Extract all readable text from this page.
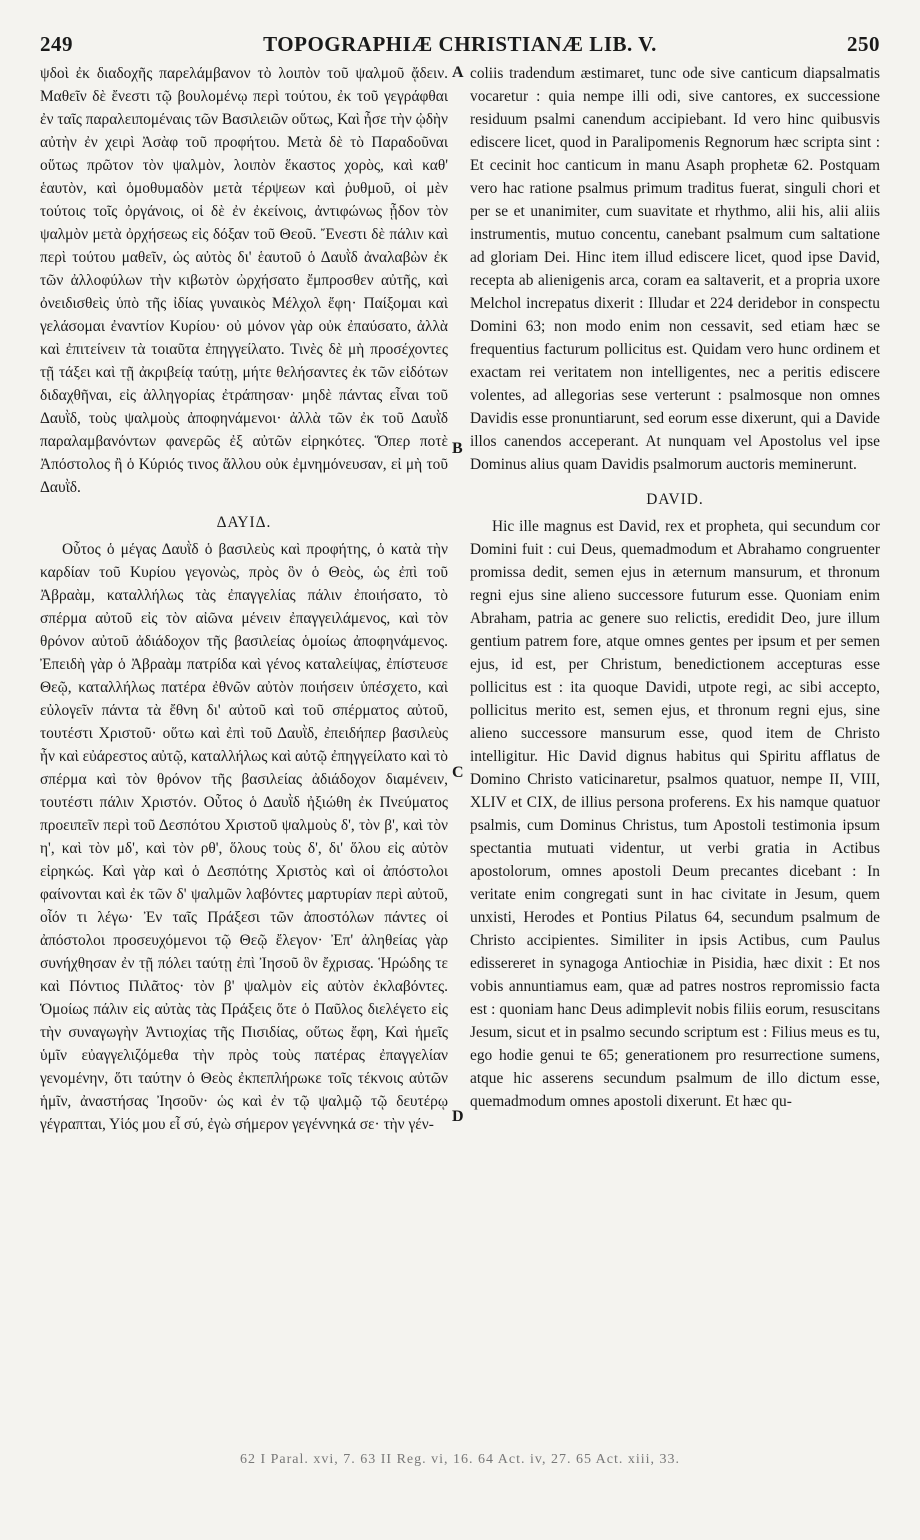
249	TOPOGRAPHIÆ CHRISTIANÆ LIB. V.	250

ψδοὶ ἐκ διαδοχῆς παρελάμβανον τὸ λοιπὸν τοῦ ψαλμοῦ ᾄδειν. Μαθεῖν δὲ ἔνεστι τῷ βουλομένῳ περὶ τούτου, ἐκ τοῦ γεγράφθαι ἐν ταῖς παραλειπομέναις τῶν Βασιλειῶν οὕτως, Καὶ ἦσε τὴν ᾠδὴν αὐτὴν ἐν χειρὶ Ἀσὰφ τοῦ προφήτου. Μετὰ δὲ τὸ Παραδοῦναι οὕτως πρῶτον τὸν ψαλμὸν, λοιπὸν ἕκαστος χορὸς, καὶ καθ' ἑαυτὸν, καὶ ὁμοθυμαδὸν μετὰ τέρψεων καὶ ῥυθμοῦ, οἱ μὲν τούτοις τοῖς ὀργάνοις, οἱ δὲ ἐν ἐκείνοις, ἀντιφώνως ᾖδον τὸν ψαλμὸν μετὰ ὀρχήσεως εἰς δόξαν τοῦ Θεοῦ. Ἔνεστι δὲ πάλιν καὶ περὶ τούτου μαθεῖν, ὡς αὐτὸς δι' ἑαυτοῦ ὁ Δαυῒδ ἀναλαβὼν ἐκ τῶν ἀλλοφύλων τὴν κιβωτὸν ὠρχήσατο ἔμπροσθεν αὐτῆς, καὶ ὀνειδισθεὶς ὑπὸ τῆς ἰδίας γυναικὸς Μέλχολ ἔφη· Παίξομαι καὶ γελάσομαι ἐναντίον Κυρίου· οὐ μόνον γὰρ οὐκ ἐπαύσατο, ἀλλὰ καὶ ἐπιτείνειν τὰ τοιαῦτα ἐπηγγείλατο. Τινὲς δὲ μὴ προσέχοντες τῇ τάξει καὶ τῇ ἀκριβείᾳ ταύτῃ, μήτε θελήσαντες ἐκ τῶν εἰδότων διδαχθῆναι, εἰς ἀλληγορίας ἐτράπησαν· μηδὲ πάντας εἶναι τοῦ Δαυῒδ, τοὺς ψαλμοὺς ἀποφηνάμενοι· ἀλλὰ τῶν ἐκ τοῦ Δαυῒδ παραλαμβανόντων φανερῶς ἐξ αὐτῶν εἰρηκότες. Ὅπερ ποτὲ Ἀπόστολος ἢ ὁ Κύριός τινος ἄλλου οὐκ ἐμνημόνευσαν, εἰ μὴ τοῦ Δαυῒδ.

ΔΑΥΙΔ.

Οὗτος ὁ μέγας Δαυῒδ ὁ βασιλεὺς καὶ προφήτης, ὁ κατὰ τὴν καρδίαν τοῦ Κυρίου γεγονὼς, πρὸς ὃν ὁ Θεὸς, ὡς ἐπὶ τοῦ Ἀβραὰμ, καταλλήλως τὰς ἐπαγγελίας πάλιν ἐποιήσατο, τὸ σπέρμα αὐτοῦ εἰς τὸν αἰῶνα μένειν ἐπαγγειλάμενος, καὶ τὸν θρόνον αὐτοῦ ἀδιάδοχον τῆς βασιλείας ὁμοίως ἀποφηνάμενος. Ἐπειδὴ γὰρ ὁ Ἀβραὰμ πατρίδα καὶ γένος καταλείψας, ἐπίστευσε Θεῷ, καταλλήλως πατέρα ἐθνῶν αὐτὸν ποιήσειν ὑπέσχετο, καὶ εὐλογεῖν πάντα τὰ ἔθνη δι' αὐτοῦ καὶ τοῦ σπέρματος αὐτοῦ, τουτέστι Χριστοῦ· οὕτω καὶ ἐπὶ τοῦ Δαυῒδ, ἐπειδήπερ βασιλεὺς ἦν καὶ εὐάρεστος αὐτῷ, καταλλήλως καὶ αὐτῷ ἐπηγγείλατο καὶ τὸ σπέρμα καὶ τὸν θρόνον τῆς βασιλείας ἀδιάδοχον διαμένειν, τουτέστι πάλιν Χριστόν. Οὗτος ὁ Δαυῒδ ἠξιώθη ἐκ Πνεύματος προειπεῖν περὶ τοῦ Δεσπότου Χριστοῦ ψαλμοὺς δ', τὸν β', καὶ τὸν η', καὶ τὸν μδ', καὶ τὸν ρθ', ὅλους τοὺς δ', δι' ὅλου εἰς αὐτὸν εἰρηκώς. Καὶ γὰρ καὶ ὁ Δεσπότης Χριστὸς καὶ οἱ ἀπόστολοι φαίνονται καὶ ἐκ τῶν δ' ψαλμῶν λαβόντες μαρτυρίαν περὶ αὐτοῦ, οἷόν τι λέγω· Ἐν ταῖς Πράξεσι τῶν ἀποστόλων πάντες οἱ ἀπόστολοι προσευχόμενοι τῷ Θεῷ ἔλεγον· Ἐπ' ἀληθείας γὰρ συνήχθησαν ἐν τῇ πόλει ταύτῃ ἐπὶ Ἰησοῦ ὃν ἔχρισας. Ἡρώδης τε καὶ Πόντιος Πιλᾶτος· τὸν β' ψαλμὸν εἰς αὐτὸν ἐκλαβόντες. Ὁμοίως πάλιν εἰς αὐτὰς τὰς Πράξεις ὅτε ὁ Παῦλος διελέγετο εἰς τὴν συναγωγὴν Ἀντιοχίας τῆς Πισιδίας, οὕτως ἔφη, Καὶ ἡμεῖς ὑμῖν εὐαγγελιζόμεθα τὴν πρὸς τοὺς πατέρας ἐπαγγελίαν γενομένην, ὅτι ταύτην ὁ Θεὸς ἐκπεπλήρωκε τοῖς τέκνοις αὐτῶν ἡμῖν, ἀναστήσας Ἰησοῦν· ὡς καὶ ἐν τῷ ψαλμῷ τῷ δευτέρῳ γέγραπται, Υἱός μου εἶ σύ, ἐγὼ σήμερον γεγέννηκά σε· τὴν γέν-

A
B
C
D

coliis tradendum æstimaret, tunc ode sive canticum diapsalmatis vocaretur : quia nempe illi odi, sive cantores, ex successione residuum psalmi canendum accipiebant. Id vero hinc quibusvis ediscere licet, quod in Paralipomenis Regnorum hæc scripta sint : Et cecinit hoc canticum in manu Asaph prophetæ 62. Postquam vero hac ratione psalmus primum traditus fuerat, singuli chori et per se et unanimiter, cum suavitate et rhythmo, alii his, alii aliis instrumentis, mutuo concentu, canebant psalmum cum saltatione ad gloriam Dei. Hinc item illud ediscere licet, quod ipse David, recepta ab alienigenis arca, coram ea saltaverit, et a propria uxore Melchol increpatus dixerit : Illudar et 224 deridebor in conspectu Domini 63; non modo enim non cessavit, sed etiam hæc se frequentius facturum pollicitus est. Quidam vero hunc ordinem et exactam rei veritatem non intelligentes, nec a peritis ediscere volentes, ad allegorias sese verterunt : psalmosque non omnes Davidis esse pronuntiarunt, sed eorum esse dixerunt, qui a Davide illos canendos acceperant. At nunquam vel Apostolus vel ipse Dominus alius quam Davidis psalmorum auctoris meminerunt.

DAVID.

Hic ille magnus est David, rex et propheta, qui secundum cor Domini fuit : cui Deus, quemadmodum et Abrahamo congruenter promissa dedit, semen ejus in æternum mansurum, et thronum regni ejus sine alieno successore futurum esse. Quoniam enim Abraham, patria ac genere suo relictis, eredidit Deo, jure illum gentium patrem fore, atque omnes gentes per ipsum et per semen ejus, id est, per Christum, benedictionem accepturas esse pollicitus est : ita quoque Davidi, utpote regi, ac sibi accepto, pollicitus merito est, semen ejus, et thronum regni ejus, sine alieno successore mansurum esse, quod item de Christo intelligitur. Hic David dignus habitus qui Spiritu afflatus de Domino Christo vaticinaretur, psalmos quatuor, nempe II, VIII, XLIV et CIX, de illius persona proferens. Ex his namque quatuor psalmis, cum Dominus Christus, tum Apostoli testimonia ipsum spectantia mutuati videntur, ut verbi gratia in Actibus apostolorum, omnes apostoli Deum precantes dicebant : In veritate enim congregati sunt in hac civitate in Jesum, quem unxisti, Herodes et Pontius Pilatus 64, secundum psalmum de Christo accipientes. Similiter in ipsis Actibus, cum Paulus edissereret in synagoga Antiochiæ in Pisidia, hæc dixit : Et nos vobis annuntiamus eam, quæ ad patres nostros repromissio facta est : quoniam hanc Deus adimplevit nobis filiis eorum, resuscitans Jesum, sicut et in psalmo secundo scriptum est : Filius meus es tu, ego hodie genui te 65; generationem pro resurrectione sumens, atque hic asserens secundum psalmum de illo dictum esse, quemadmodum omnes apostoli dixerunt. Et hæc qu-

62 I Paral. xvi, 7. 63 II Reg. vi, 16. 64 Act. iv, 27. 65 Act. xiii, 33.
